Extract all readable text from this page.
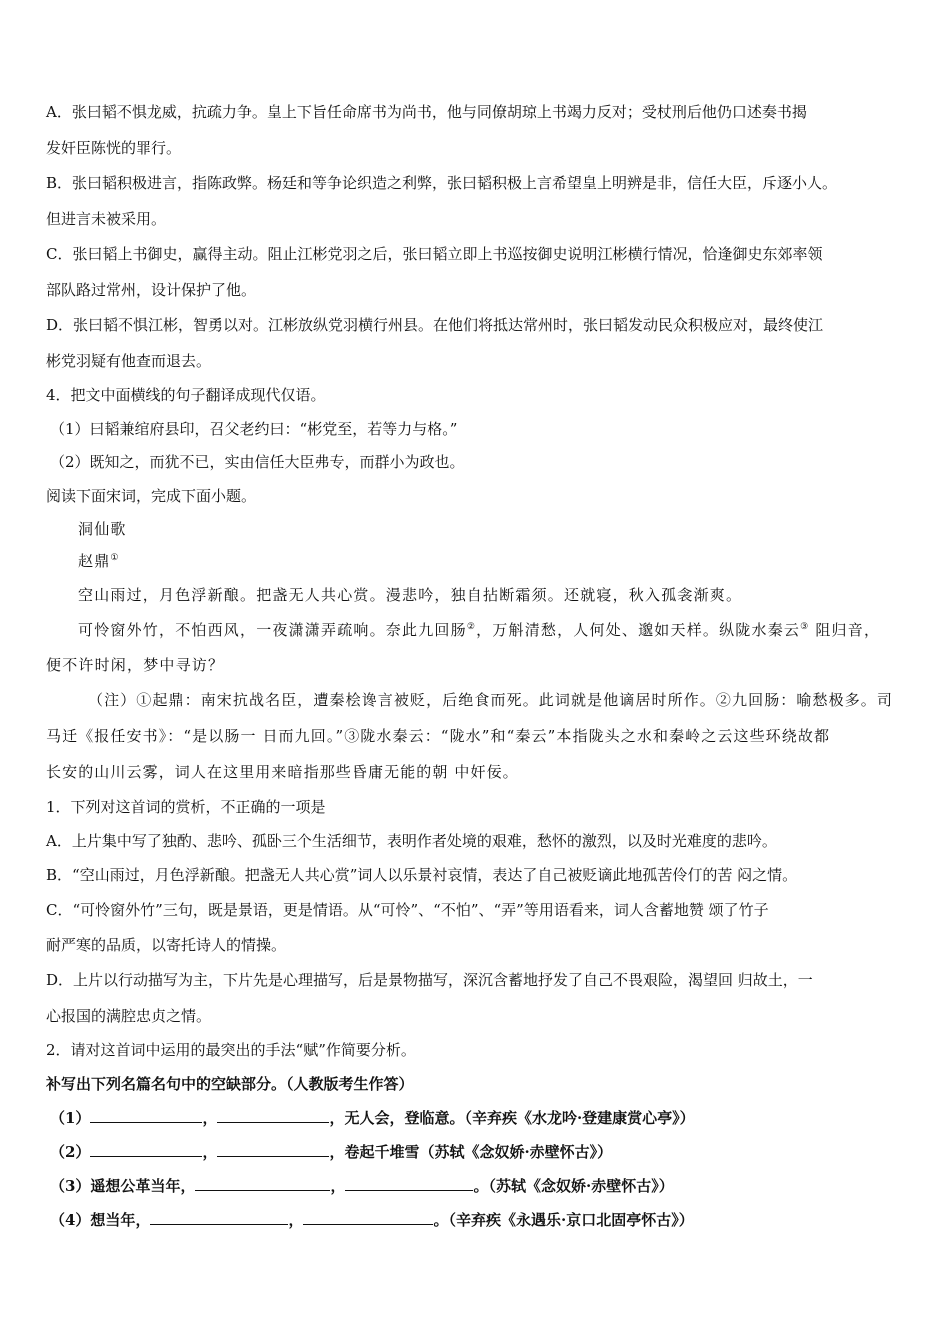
A．张曰韬不惧龙威，抗疏力争。皇上下旨任命席书为尚书，他与同僚胡琼上书竭力反对；受杖刑后他仍口述奏书揭
发奸臣陈恍的罪行。
B．张曰韬积极进言，指陈政弊。杨廷和等争论织造之利弊，张曰韬积极上言希望皇上明辨是非，信任大臣，斥逐小人。
但进言未被采用。
C．张曰韬上书御史，赢得主动。阻止江彬党羽之后，张曰韬立即上书巡按御史说明江彬横行情况，恰逢御史东郊率领
部队路过常州，设计保护了他。
D．张曰韬不惧江彬，智勇以对。江彬放纵党羽横行州县。在他们将抵达常州时，张曰韬发动民众积极应对，最终使江
彬党羽疑有他查而退去。
4．把文中面横线的句子翻译成现代仅语。
（1）曰韬兼绾府县印，召父老约曰：“彬党至，若等力与格。”
（2）既知之，而犹不已，实由信任大臣弗专，而群小为政也。
阅读下面宋词，完成下面小题。
洞仙歌
赵鼎①
空山雨过，月色浮新酿。把盏无人共心赏。漫悲吟，独自拈断霜须。还就寝，秋入孤衾渐爽。
可怜窗外竹，不怕西风，一夜潇潇弄疏响。奈此九回肠②，万斛清愁，人何处、邈如天样。纵陇水秦云③ 阻归音，
便不许时闲，梦中寻访？
（注）①起鼎：南宋抗战名臣，遭秦桧谗言被贬，后绝食而死。此词就是他谪居时所作。②九回肠：喻愁极多。司
马迁《报任安书》：“是以肠一 日而九回。”③陇水秦云：“陇水”和“秦云”本指陇头之水和秦岭之云这些环绕故都
长安的山川云雾，词人在这里用来暗指那些昏庸无能的朝 中奸佞。
1．下列对这首词的赏析，不正确的一项是
A．上片集中写了独酌、悲吟、孤卧三个生活细节，表明作者处境的艰难，愁怀的激烈，以及时光难度的悲吟。
B．“空山雨过，月色浮新酿。把盏无人共心赏”词人以乐景衬哀情，表达了自己被贬谪此地孤苦伶仃的苦 闷之情。
C．“可怜窗外竹”三句，既是景语，更是情语。从“可怜”、“不怕”、“弄”等用语看来，词人含蓄地赞 颂了竹子
耐严寒的品质，以寄托诗人的情操。
D．上片以行动描写为主，下片先是心理描写，后是景物描写，深沉含蓄地抒发了自己不畏艰险，渴望回 归故土，一
心报国的满腔忠贞之情。
2．请对这首词中运用的最突出的手法“赋”作简要分析。
补写出下列名篇名句中的空缺部分。（人教版考生作答）
（1）	，	，无人会，登临意。（辛弃疾《水龙吟·登建康赏心亭》）
（2）	，	，卷起千堆雪（苏轼《念奴娇·赤壁怀古》）
（3）遥想公革当年，	，	。（苏轼《念奴娇·赤壁怀古》）
（4）想当年，	，	。（辛弃疾《永遇乐·京口北固亭怀古》）
